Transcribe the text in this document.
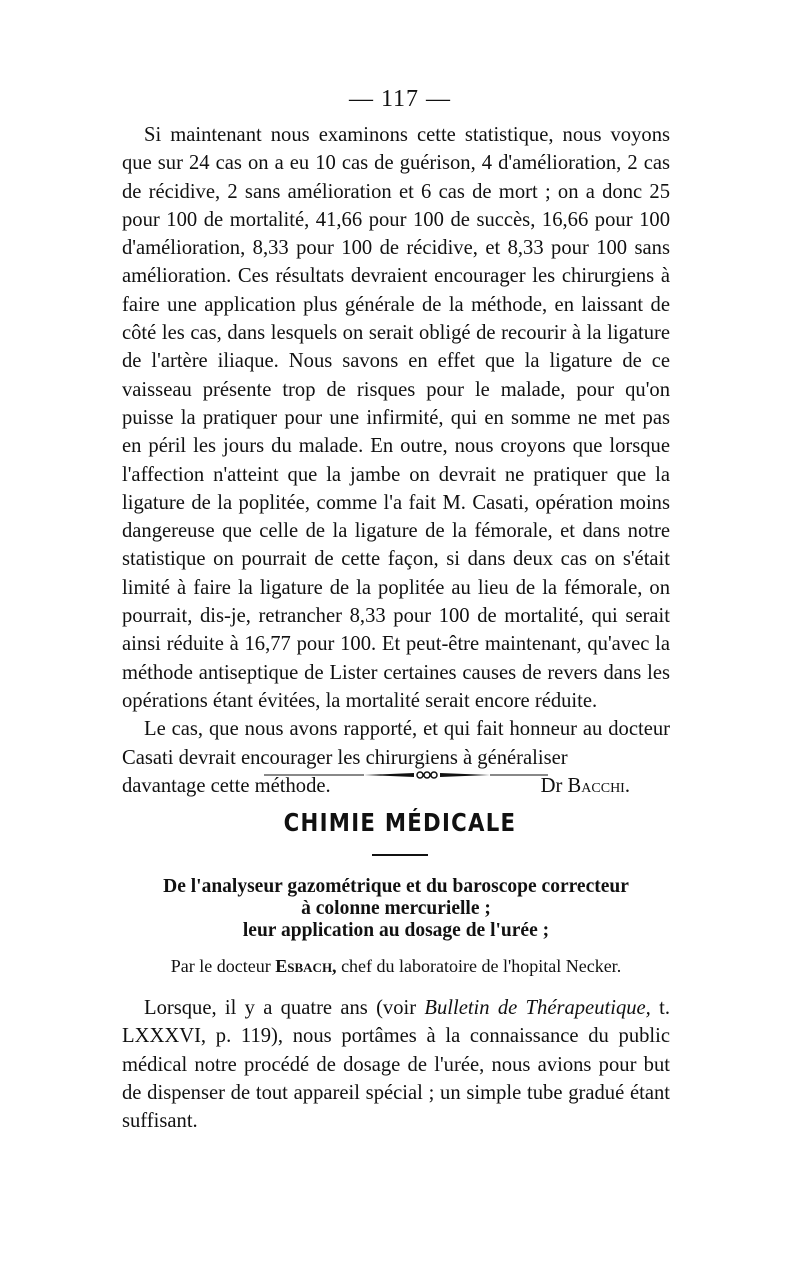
— 117 —

Si maintenant nous examinons cette statistique, nous voyons que sur 24 cas on a eu 10 cas de guérison, 4 d'amélioration, 2 cas de récidive, 2 sans amélioration et 6 cas de mort ; on a donc 25 pour 100 de mortalité, 41,66 pour 100 de succès, 16,66 pour 100 d'amélioration, 8,33 pour 100 de récidive, et 8,33 pour 100 sans amélioration. Ces résultats devraient encourager les chirurgiens à faire une application plus générale de la méthode, en laissant de côté les cas, dans lesquels on serait obligé de recourir à la ligature de l'artère iliaque. Nous savons en effet que la ligature de ce vaisseau présente trop de risques pour le malade, pour qu'on puisse la pratiquer pour une infirmité, qui en somme ne met pas en péril les jours du malade. En outre, nous croyons que lorsque l'affection n'atteint que la jambe on devrait ne pratiquer que la ligature de la poplitée, comme l'a fait M. Casati, opération moins dangereuse que celle de la ligature de la fémorale, et dans notre statistique on pourrait de cette façon, si dans deux cas on s'était limité à faire la ligature de la poplitée au lieu de la fémorale, on pourrait, dis-je, retrancher 8,33 pour 100 de mortalité, qui serait ainsi réduite à 16,77 pour 100. Et peut-être maintenant, qu'avec la méthode antiseptique de Lister certaines causes de revers dans les opérations étant évitées, la mortalité serait encore réduite.

Le cas, que nous avons rapporté, et qui fait honneur au docteur Casati devrait encourager les chirurgiens à généraliser

davantage cette méthode.	Dr Bacchi.

CHIMIE MÉDICALE
De l'analyseur gazométrique et du baroscope correcteur
à colonne mercurielle ;
leur application au dosage de l'urée ;
Par le docteur Esbach, chef du laboratoire de l'hopital Necker.

Lorsque, il y a quatre ans (voir Bulletin de Thérapeutique, t. LXXXVI, p. 119), nous portâmes à la connaissance du public médical notre procédé de dosage de l'urée, nous avions pour but de dispenser de tout appareil spécial ; un simple tube gradué étant suffisant.
